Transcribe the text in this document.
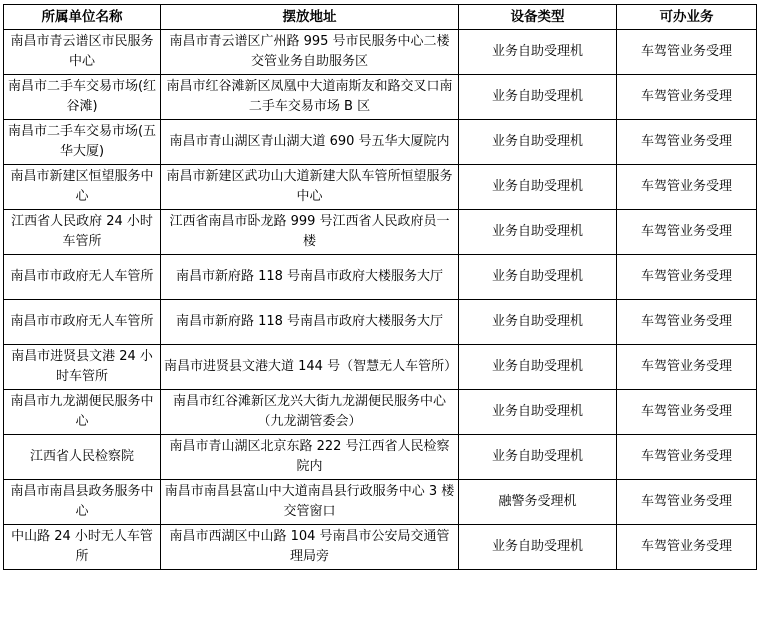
所属单位名称	摆放地址	设备类型	可办业务
南昌市青云谱区市民服务中心	南昌市青云谱区广州路 995 号市民服务中心二楼交管业务自助服务区	业务自助受理机	车驾管业务受理
南昌市二手车交易市场(红谷滩)	南昌市红谷滩新区凤凰中大道南斯友和路交叉口南二手车交易市场 B 区	业务自助受理机	车驾管业务受理
南昌市二手车交易市场(五华大厦)	南昌市青山湖区青山湖大道 690 号五华大厦院内	业务自助受理机	车驾管业务受理
南昌市新建区恒望服务中心	南昌市新建区武功山大道新建大队车管所恒望服务中心	业务自助受理机	车驾管业务受理
江西省人民政府 24 小时车管所	江西省南昌市卧龙路 999 号江西省人民政府员一楼	业务自助受理机	车驾管业务受理
南昌市市政府无人车管所	南昌市新府路 118 号南昌市政府大楼服务大厅	业务自助受理机	车驾管业务受理
南昌市市政府无人车管所	南昌市新府路 118 号南昌市政府大楼服务大厅	业务自助受理机	车驾管业务受理
南昌市进贤县文港 24 小时车管所	南昌市进贤县文港大道 144 号（智慧无人车管所）	业务自助受理机	车驾管业务受理
南昌市九龙湖便民服务中心	南昌市红谷滩新区龙兴大街九龙湖便民服务中心（九龙湖管委会）	业务自助受理机	车驾管业务受理
江西省人民检察院	南昌市青山湖区北京东路 222 号江西省人民检察院内	业务自助受理机	车驾管业务受理
南昌市南昌县政务服务中心	南昌市南昌县富山中大道南昌县行政服务中心 3 楼交管窗口	融警务受理机	车驾管业务受理
中山路 24 小时无人车管所	南昌市西湖区中山路 104 号南昌市公安局交通管理局旁	业务自助受理机	车驾管业务受理
